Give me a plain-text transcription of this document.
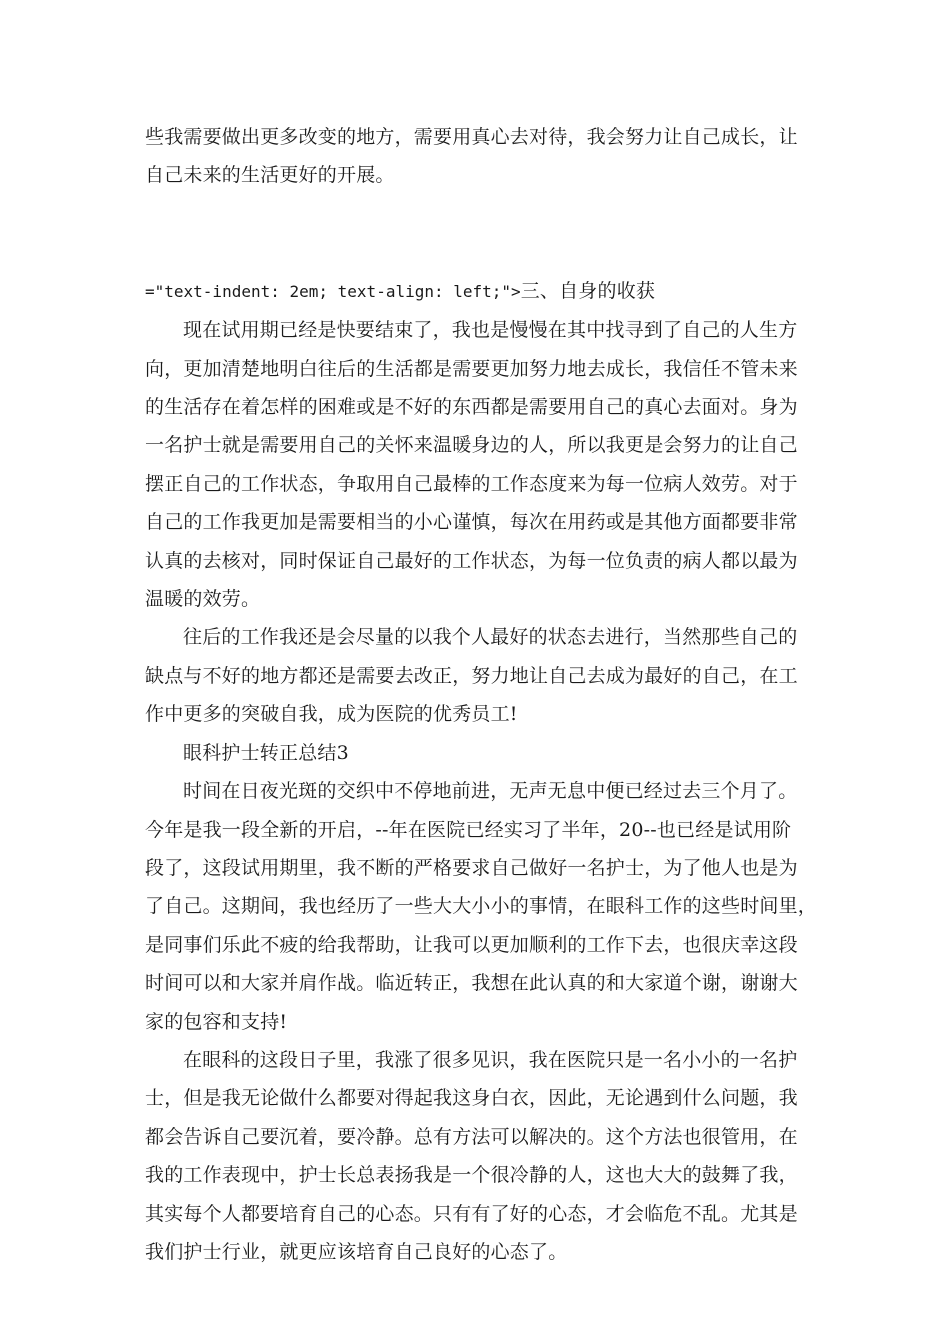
些我需要做出更多改变的地方，需要用真心去对待，我会努力让自己成长，让
自己未来的生活更好的开展。
="text-indent: 2em; text-align: left;">三、自身的收获
现在试用期已经是快要结束了，我也是慢慢在其中找寻到了自己的人生方
向，更加清楚地明白往后的生活都是需要更加努力地去成长，我信任不管未来
的生活存在着怎样的困难或是不好的东西都是需要用自己的真心去面对。身为
一名护士就是需要用自己的关怀来温暖身边的人，所以我更是会努力的让自己
摆正自己的工作状态，争取用自己最棒的工作态度来为每一位病人效劳。对于
自己的工作我更加是需要相当的小心谨慎，每次在用药或是其他方面都要非常
认真的去核对，同时保证自己最好的工作状态，为每一位负责的病人都以最为
温暖的效劳。
往后的工作我还是会尽量的以我个人最好的状态去进行，当然那些自己的
缺点与不好的地方都还是需要去改正，努力地让自己去成为最好的自己，在工
作中更多的突破自我，成为医院的优秀员工!
眼科护士转正总结3
时间在日夜光斑的交织中不停地前进，无声无息中便已经过去三个月了。
今年是我一段全新的开启，--年在医院已经实习了半年，20--也已经是试用阶
段了，这段试用期里，我不断的严格要求自己做好一名护士，为了他人也是为
了自己。这期间，我也经历了一些大大小小的事情，在眼科工作的这些时间里，
是同事们乐此不疲的给我帮助，让我可以更加顺利的工作下去，也很庆幸这段
时间可以和大家并肩作战。临近转正，我想在此认真的和大家道个谢，谢谢大
家的包容和支持!
在眼科的这段日子里，我涨了很多见识，我在医院只是一名小小的一名护
士，但是我无论做什么都要对得起我这身白衣，因此，无论遇到什么问题，我
都会告诉自己要沉着，要冷静。总有方法可以解决的。这个方法也很管用，在
我的工作表现中，护士长总表扬我是一个很冷静的人，这也大大的鼓舞了我，
其实每个人都要培育自己的心态。只有有了好的心态，才会临危不乱。尤其是
我们护士行业，就更应该培育自己良好的心态了。
